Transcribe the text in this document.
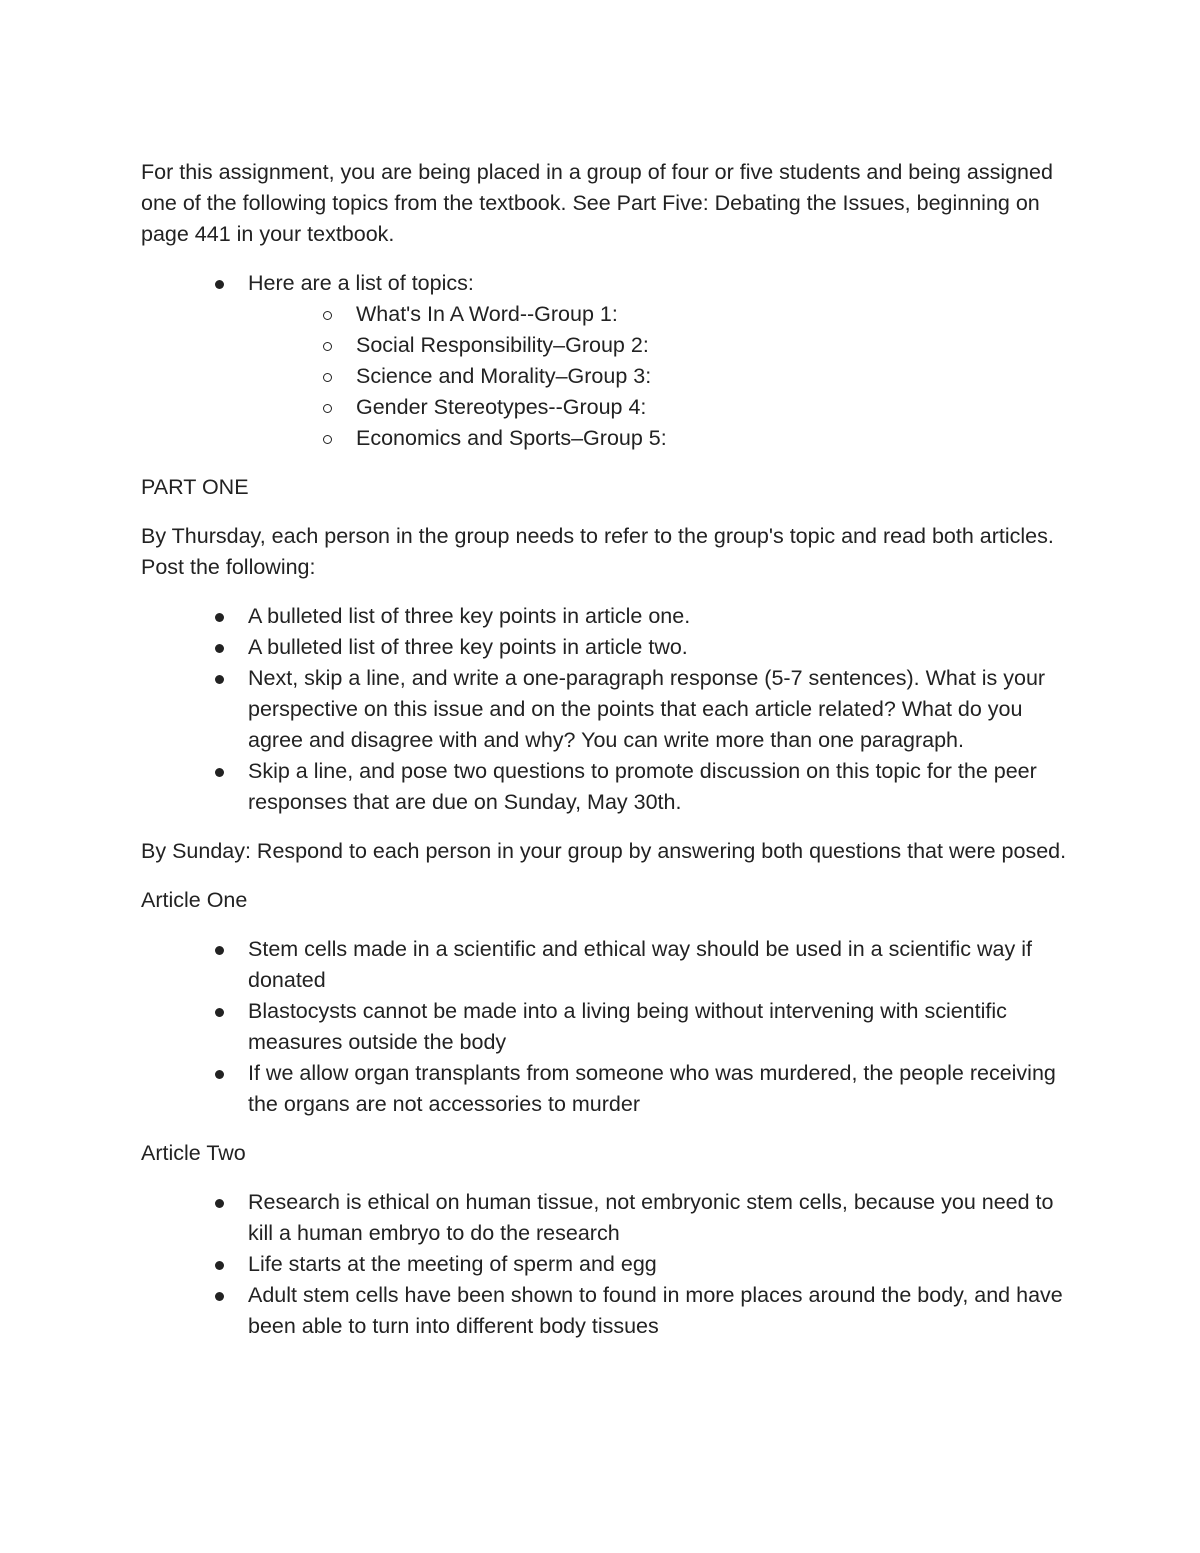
For this assignment, you are being placed in a group of four or five students and being assigned one of the following topics from the textbook. See Part Five: Debating the Issues, beginning on page 441 in your textbook.

Here are a list of topics:
What's In A Word--Group 1:
Social Responsibility–Group 2:
Science and Morality–Group 3:
Gender Stereotypes--Group 4:
Economics and Sports–Group 5:

PART ONE

By Thursday, each person in the group needs to refer to the group's topic and read both articles. Post the following:

A bulleted list of three key points in article one.
A bulleted list of three key points in article two.
Next, skip a line, and write a one-paragraph response (5-7 sentences). What is your perspective on this issue and on the points that each article related? What do you agree and disagree with and why? You can write more than one paragraph.
Skip a line, and pose two questions to promote discussion on this topic for the peer responses that are due on Sunday, May 30th.

By Sunday: Respond to each person in your group by answering both questions that were posed.

Article One

Stem cells made in a scientific and ethical way should be used in a scientific way if donated
Blastocysts cannot be made into a living being without intervening with scientific measures outside the body
If we allow organ transplants from someone who was murdered, the people receiving the organs are not accessories to murder

Article Two

Research is ethical on human tissue, not embryonic stem cells, because you need to kill a human embryo to do the research
Life starts at the meeting of sperm and egg
Adult stem cells have been shown to found in more places around the body, and have been able to turn into different body tissues
